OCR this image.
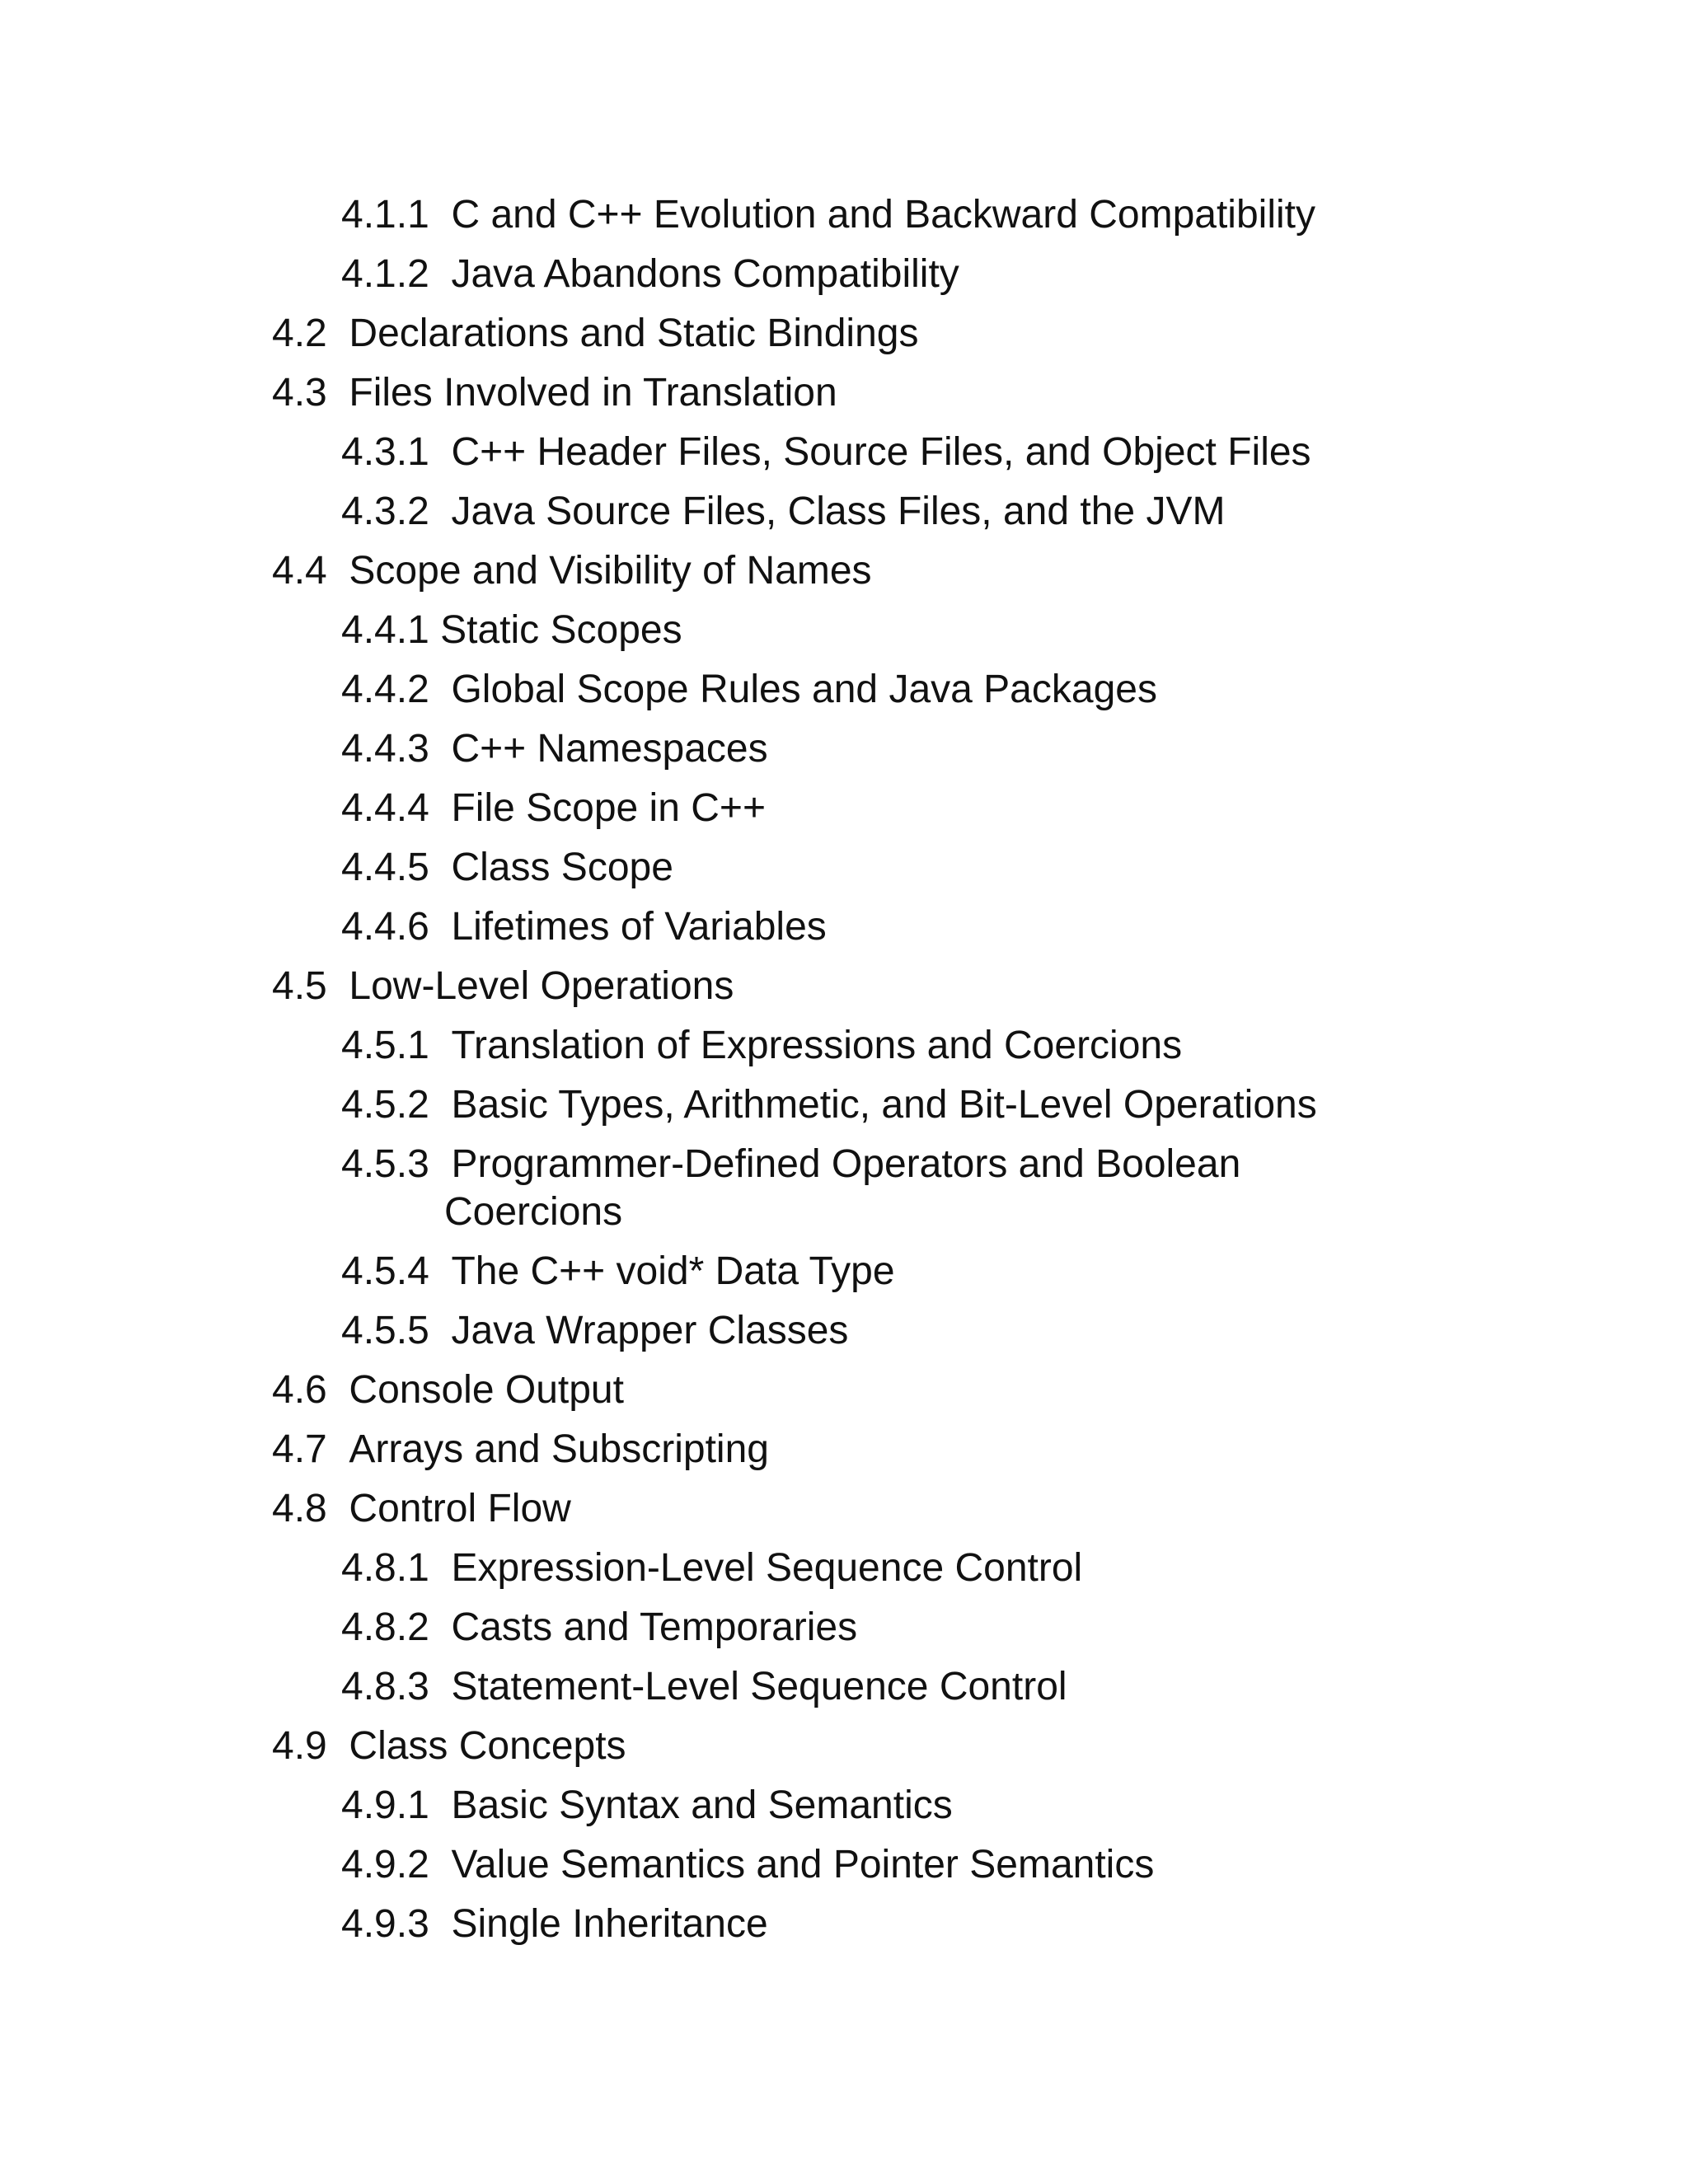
4.1.1 C and C++ Evolution and Backward Compatibility
4.1.2 Java Abandons Compatibility
4.2 Declarations and Static Bindings
4.3 Files Involved in Translation
4.3.1 C++ Header Files, Source Files, and Object Files
4.3.2 Java Source Files, Class Files, and the JVM
4.4 Scope and Visibility of Names
4.4.1 Static Scopes
4.4.2 Global Scope Rules and Java Packages
4.4.3 C++ Namespaces
4.4.4 File Scope in C++
4.4.5 Class Scope
4.4.6 Lifetimes of Variables
4.5 Low-Level Operations
4.5.1 Translation of Expressions and Coercions
4.5.2 Basic Types, Arithmetic, and Bit-Level Operations
4.5.3 Programmer-Defined Operators and Boolean
Coercions
4.5.4 The C++ void* Data Type
4.5.5 Java Wrapper Classes
4.6 Console Output
4.7 Arrays and Subscripting
4.8 Control Flow
4.8.1 Expression-Level Sequence Control
4.8.2 Casts and Temporaries
4.8.3 Statement-Level Sequence Control
4.9 Class Concepts
4.9.1 Basic Syntax and Semantics
4.9.2 Value Semantics and Pointer Semantics
4.9.3 Single Inheritance
